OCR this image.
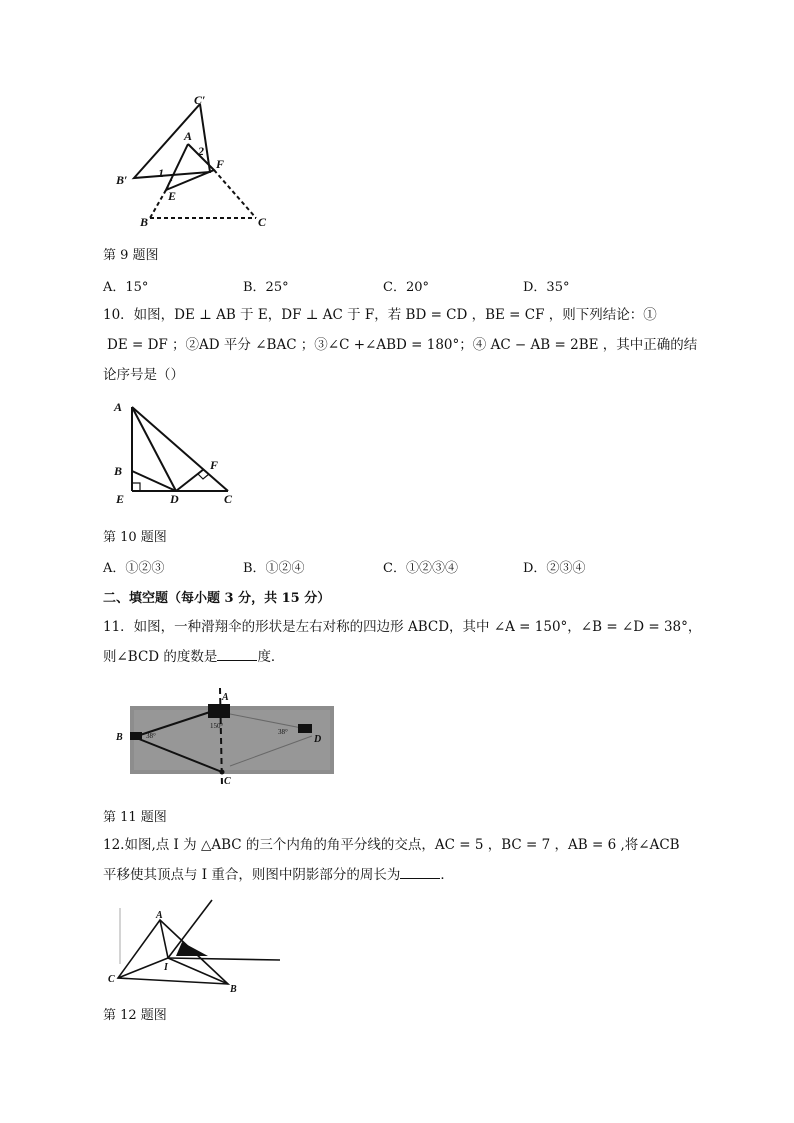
C′
A
2
F
B′	1
E
B	C
第 9 题图
A．15°	B．25°	C．20°	D．35°
10．如图，DE ⊥ AB 于 E，DF ⊥ AC 于 F，若 BD = CD ，BE = CF ，则下列结论：①
DE = DF ；②AD 平分 ∠BAC ；③∠C +∠ABD = 180°；④ AC − AB = 2BE ，其中正确的结
论序号是（）
A
B	F
E	D	C
第 10 题图
A．①②③	B．①②④	C．①②③④	D．②③④
二、填空题（每小题 3 分，共 15 分）
11．如图，一种滑翔伞的形状是左右对称的四边形 ABCD，其中 ∠A = 150°，∠B = ∠D = 38°，
则∠BCD 的度数是	度．
A
B
C
D
150°
38°	38°
第 11 题图
12.如图,点 I 为 △ABC 的三个内角的角平分线的交点，AC = 5 ，BC = 7 ，AB = 6 ,将∠ACB
平移使其顶点与 I 重合，则图中阴影部分的周长为	．
A
I
C
B
第 12 题图
